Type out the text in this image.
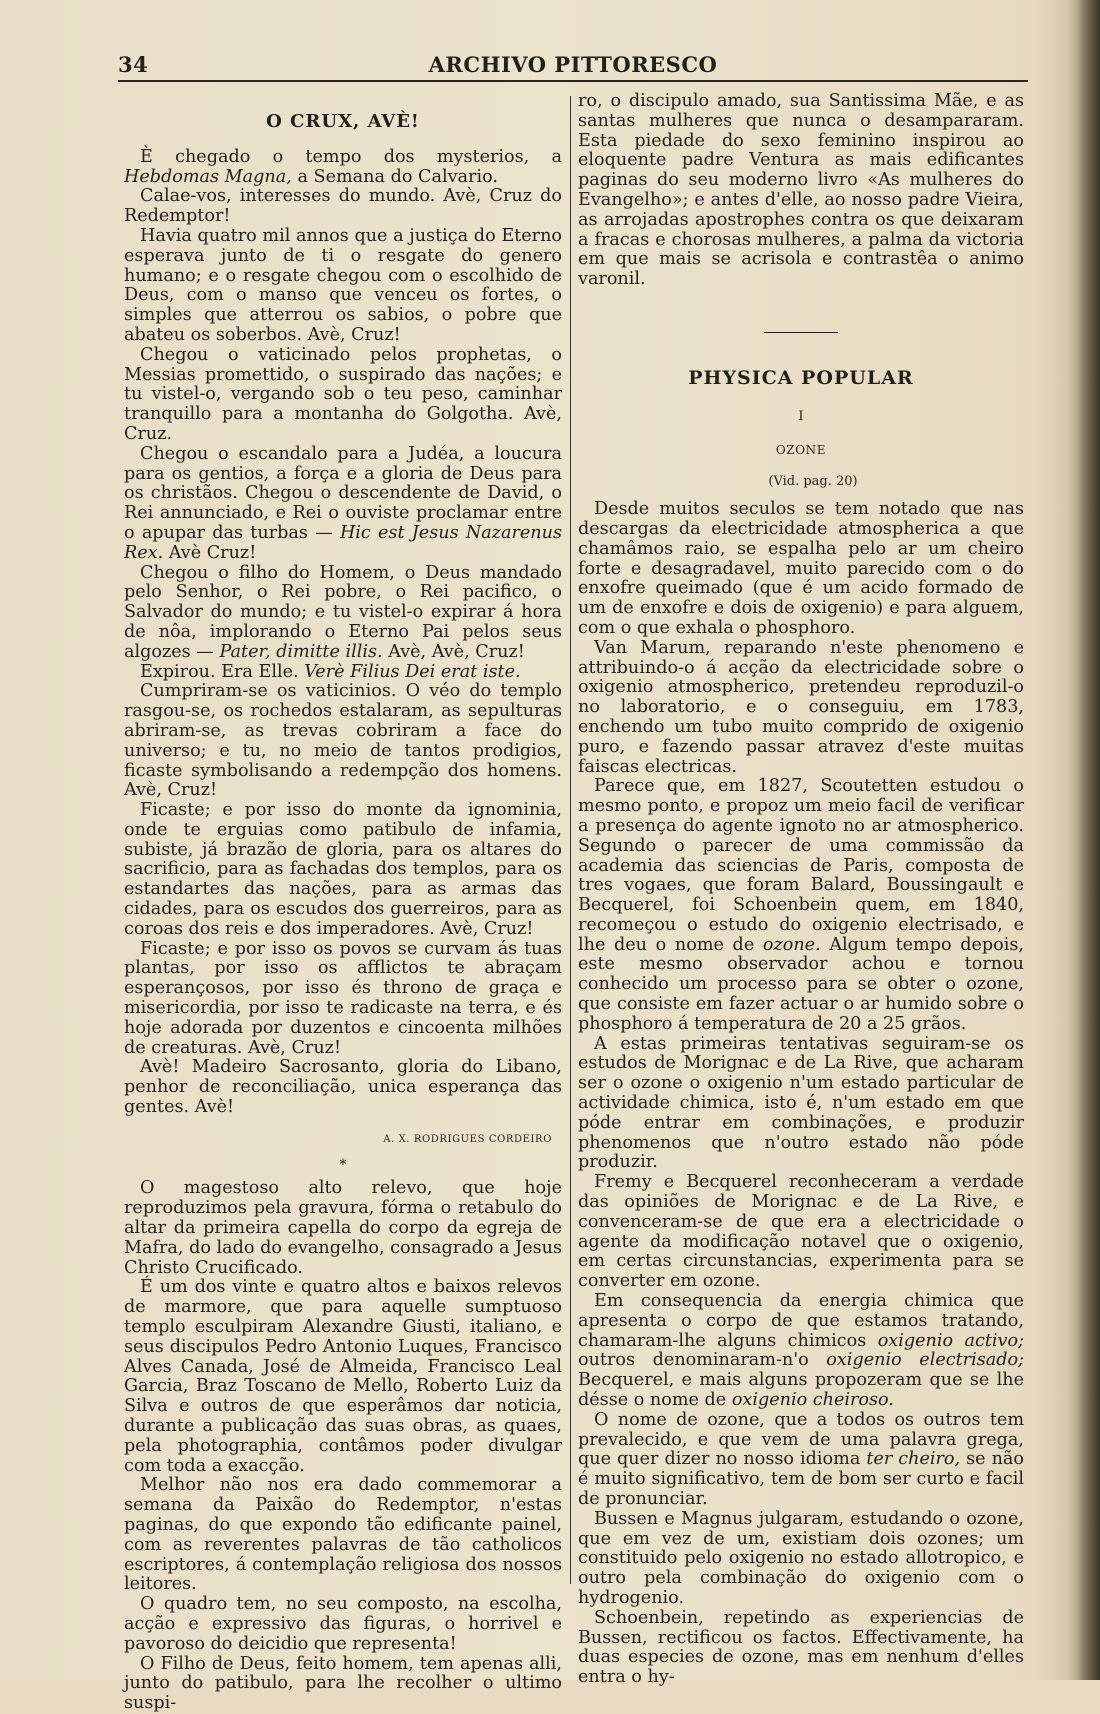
34	ARCHIVO PITTORESCO
O CRUX, AVÈ!

È chegado o tempo dos mysterios, a Hebdomas Magna, a Semana do Calvario.

Calae-vos, interesses do mundo. Avè, Cruz do Redemptor!

Havia quatro mil annos que a justiça do Eterno esperava junto de ti o resgate do genero humano; e o resgate chegou com o escolhido de Deus, com o manso que venceu os fortes, o simples que atterrou os sabios, o pobre que abateu os soberbos. Avè, Cruz!

Chegou o vaticinado pelos prophetas, o Messias promettido, o suspirado das nações; e tu vistel-o, vergando sob o teu peso, caminhar tranquillo para a montanha do Golgotha. Avè, Cruz.

Chegou o escandalo para a Judéa, a loucura para os gentios, a força e a gloria de Deus para os christãos. Chegou o descendente de David, o Rei annunciado, e Rei o ouviste proclamar entre o apupar das turbas — Hic est Jesus Nazarenus Rex. Avè Cruz!

Chegou o filho do Homem, o Deus mandado pelo Senhor, o Rei pobre, o Rei pacifico, o Salvador do mundo; e tu vistel-o expirar á hora de nôa, implorando o Eterno Pai pelos seus algozes — Pater, dimitte illis. Avè, Avè, Cruz!

Expirou. Era Elle. Verè Filius Dei erat iste.

Cumpriram-se os vaticinios. O véo do templo rasgou-se, os rochedos estalaram, as sepulturas abriram-se, as trevas cobriram a face do universo; e tu, no meio de tantos prodigios, ficaste symbolisando a redempção dos homens. Avè, Cruz!

Ficaste; e por isso do monte da ignominia, onde te erguias como patibulo de infamia, subiste, já brazão de gloria, para os altares do sacrificio, para as fachadas dos templos, para os estandartes das nações, para as armas das cidades, para os escudos dos guerreiros, para as coroas dos reis e dos imperadores. Avè, Cruz!

Ficaste; e por isso os povos se curvam ás tuas plantas, por isso os afflictos te abraçam esperançosos, por isso és throno de graça e misericordia, por isso te radicaste na terra, e és hoje adorada por duzentos e cincoenta milhões de creaturas. Avè, Cruz!

Avè! Madeiro Sacrosanto, gloria do Libano, penhor de reconciliação, unica esperança das gentes. Avè!

A. X. RODRIGUES CORDEIRO
*

O magestoso alto relevo, que hoje reproduzimos pela gravura, fórma o retabulo do altar da primeira capella do corpo da egreja de Mafra, do lado do evangelho, consagrado a Jesus Christo Crucificado.

É um dos vinte e quatro altos e baixos relevos de marmore, que para aquelle sumptuoso templo esculpiram Alexandre Giusti, italiano, e seus discipulos Pedro Antonio Luques, Francisco Alves Canada, José de Almeida, Francisco Leal Garcia, Braz Toscano de Mello, Roberto Luiz da Silva e outros de que esperâmos dar noticia, durante a publicação das suas obras, as quaes, pela photographia, contâmos poder divulgar com toda a exacção.

Melhor não nos era dado commemorar a semana da Paixão do Redemptor, n'estas paginas, do que expondo tão edificante painel, com as reverentes palavras de tão catholicos escriptores, á contemplação religiosa dos nossos leitores.

O quadro tem, no seu composto, na escolha, acção e expressivo das figuras, o horrivel e pavoroso do deicidio que representa!

O Filho de Deus, feito homem, tem apenas alli, junto do patibulo, para lhe recolher o ultimo suspi-

ro, o discipulo amado, sua Santissima Mãe, e as santas mulheres que nunca o desampararam. Esta piedade do sexo feminino inspirou ao eloquente padre Ventura as mais edificantes paginas do seu moderno livro «As mulheres do Evangelho»; e antes d'elle, ao nosso padre Vieira, as arrojadas apostrophes contra os que deixaram a fracas e chorosas mulheres, a palma da victoria em que mais se acrisola e contrastêa o animo varonil.

PHYSICA POPULAR
I
OZONE
(Vid. pag. 20)

Desde muitos seculos se tem notado que nas descargas da electricidade atmospherica a que chamâmos raio, se espalha pelo ar um cheiro forte e desagradavel, muito parecido com o do enxofre queimado (que é um acido formado de um de enxofre e dois de oxigenio) e para alguem, com o que exhala o phosphoro.

Van Marum, reparando n'este phenomeno e attribuindo-o á acção da electricidade sobre o oxigenio atmospherico, pretendeu reproduzil-o no laboratorio, e o conseguiu, em 1783, enchendo um tubo muito comprido de oxigenio puro, e fazendo passar atravez d'este muitas faiscas electricas.

Parece que, em 1827, Scoutetten estudou o mesmo ponto, e propoz um meio facil de verificar a presença do agente ignoto no ar atmospherico. Segundo o parecer de uma commissão da academia das sciencias de Paris, composta de tres vogaes, que foram Balard, Boussingault e Becquerel, foi Schoenbein quem, em 1840, recomeçou o estudo do oxigenio electrisado, e lhe deu o nome de ozone. Algum tempo depois, este mesmo observador achou e tornou conhecido um processo para se obter o ozone, que consiste em fazer actuar o ar humido sobre o phosphoro á temperatura de 20 a 25 grãos.

A estas primeiras tentativas seguiram-se os estudos de Morignac e de La Rive, que acharam ser o ozone o oxigenio n'um estado particular de actividade chimica, isto é, n'um estado em que póde entrar em combinações, e produzir phenomenos que n'outro estado não póde produzir.

Fremy e Becquerel reconheceram a verdade das opiniões de Morignac e de La Rive, e convenceram-se de que era a electricidade o agente da modificação notavel que o oxigenio, em certas circunstancias, experimenta para se converter em ozone.

Em consequencia da energia chimica que apresenta o corpo de que estamos tratando, chamaram-lhe alguns chimicos oxigenio activo; outros denominaram-n'o oxigenio electrisado; Becquerel, e mais alguns propozeram que se lhe désse o nome de oxigenio cheiroso.

O nome de ozone, que a todos os outros tem prevalecido, e que vem de uma palavra grega, que quer dizer no nosso idioma ter cheiro, se não é muito significativo, tem de bom ser curto e facil de pronunciar.

Bussen e Magnus julgaram, estudando o ozone, que em vez de um, existiam dois ozones; um constituido pelo oxigenio no estado allotropico, e outro pela combinação do oxigenio com o hydrogenio.

Schoenbein, repetindo as experiencias de Bussen, rectificou os factos. Effectivamente, ha duas especies de ozone, mas em nenhum d'elles entra o hy-
